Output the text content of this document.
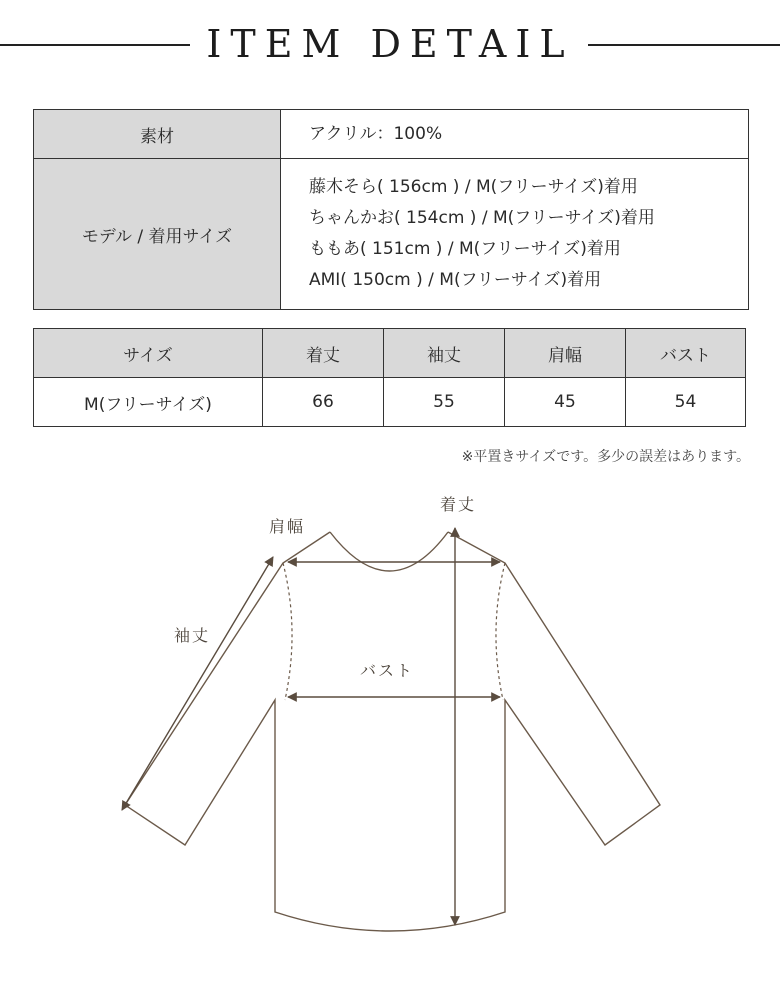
ITEM DETAIL
素材	アクリル：100%
モデル / 着用サイズ	藤木そら( 156cm ) / M(フリーサイズ)着用
ちゃんかお( 154cm ) / M(フリーサイズ)着用
ももあ( 151cm ) / M(フリーサイズ)着用
AMI( 150cm ) / M(フリーサイズ)着用
サイズ	着丈	袖丈	肩幅	バスト
M(フリーサイズ)	66	55	45	54
※平置きサイズです。多少の誤差はあります。
着丈
肩幅
袖丈
バスト
